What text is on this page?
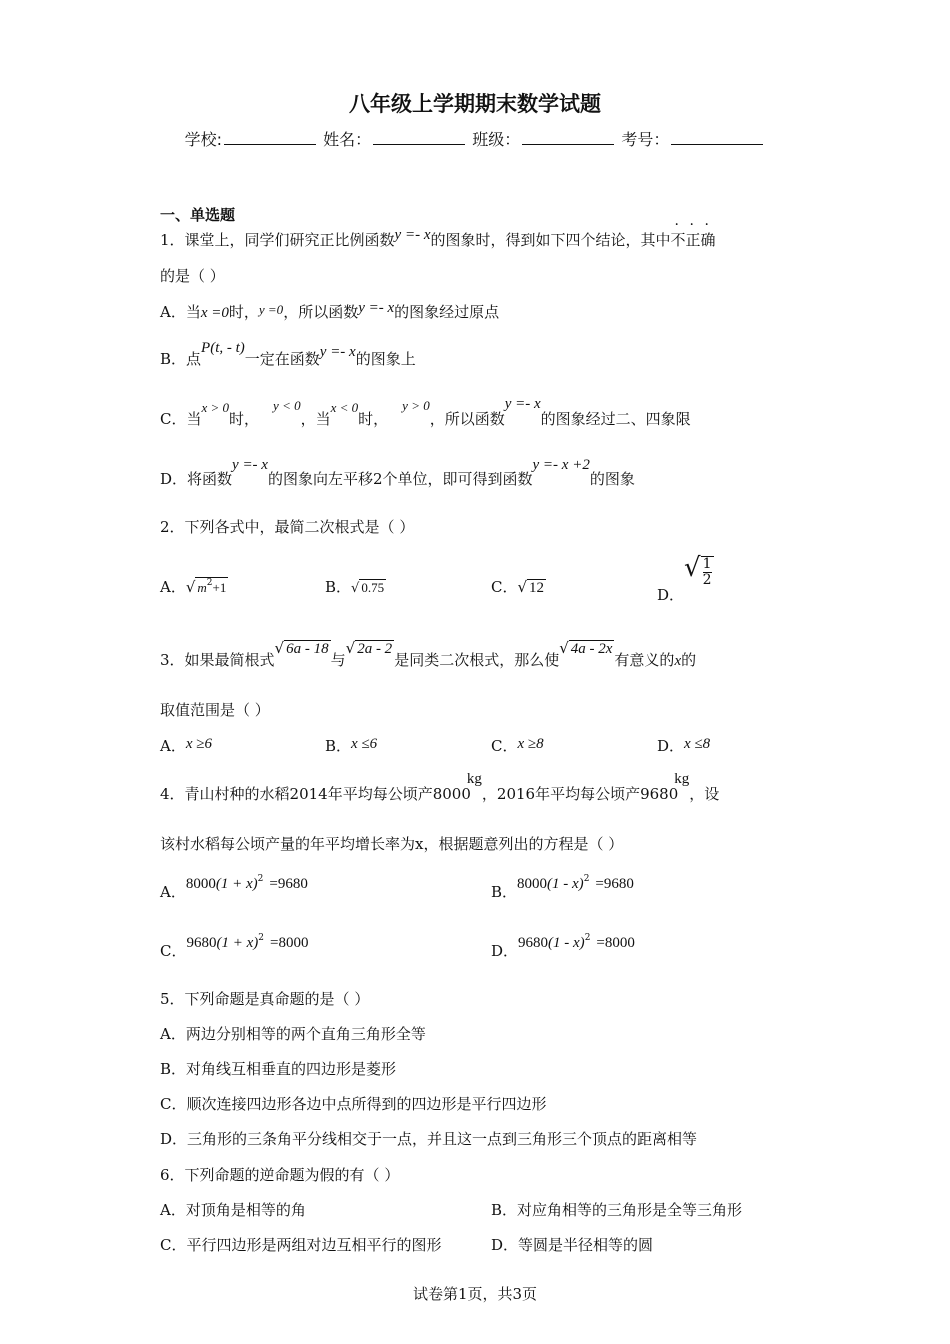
八年级上学期期末数学试题
学校:	姓名：	班级：	考号：
一、单选题
1．课堂上，同学们研究正比例函数y =- x的图象时，得到如下四个结论，其中不正确
的是（ ）
A．当x =0时，y =0，所以函数y =- x的图象经过原点
B．点P(t, - t)一定在函数y =- x的图象上
C．当x > 0时，y < 0，当x < 0时，y > 0，所以函数y =- x的图象经过二、四象限
D．将函数y =- x的图象向左平移2个单位，即可得到函数y =- x +2的图象
2．下列各式中，最简二次根式是（ ）
A．√ $m^2+1$	B．√ 0.75	C．√ 12	D．√ $\frac{1}{2}$
3．如果最简根式√ 6a - 18与√ 2a - 2是同类二次根式，那么使√ 4a - 2x有意义的x的
取值范围是（ ）
A．x ≥6	B．x ≤6	C．x ≥8	D．x ≤8
4．青山村种的水稻2014年平均每公顷产8000kg，2016年平均每公顷产9680kg，设
该村水稻每公顷产量的年平均增长率为x，根据题意列出的方程是（ ）
A．$8000(1 + x)^2 =9680$	B．8000(1 - x)$^2$ =9680
C．$9680(1 + x)^2 =8000$	D．9680(1 - x)$^2$ =8000
5．下列命题是真命题的是（ ）
A．两边分别相等的两个直角三角形全等
B．对角线互相垂直的四边形是菱形
C．顺次连接四边形各边中点所得到的四边形是平行四边形
D．三角形的三条角平分线相交于一点，并且这一点到三角形三个顶点的距离相等
6．下列命题的逆命题为假的有（ ）
A．对顶角是相等的角	B．对应角相等的三角形是全等三角形
C．平行四边形是两组对边互相平行的图形	D．等圆是半径相等的圆
试卷第1页，共3页
